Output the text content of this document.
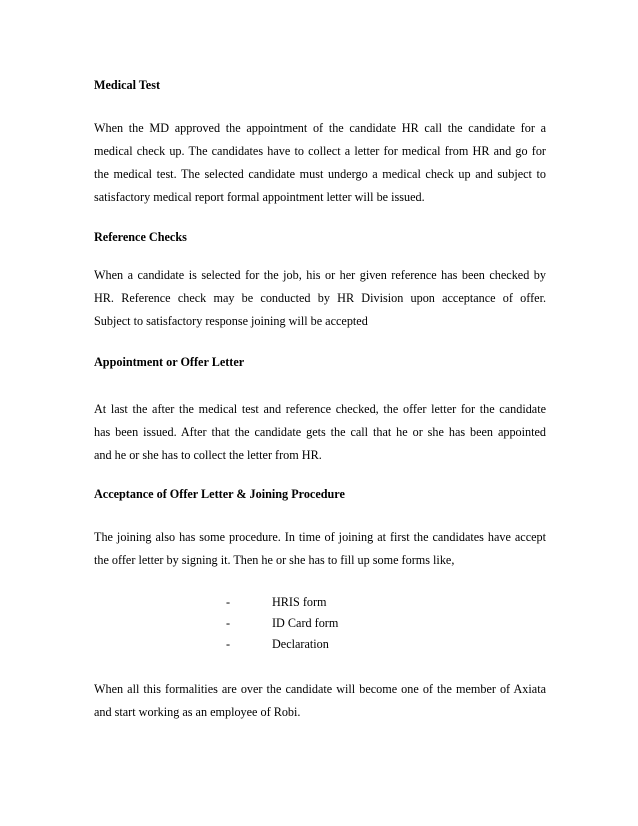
Medical Test
When the MD approved the appointment of the candidate HR call the candidate for a
medical check up. The candidates have to collect a letter for medical from HR and go for
the medical test. The selected candidate must undergo a medical check up and subject to
satisfactory medical report formal appointment letter will be issued.
Reference Checks
When a candidate is selected for the job, his or her given reference has been checked by
HR. Reference check may be conducted by HR Division upon acceptance of offer.
Subject to satisfactory response joining will be accepted
Appointment or Offer Letter
At last the after the medical test and reference checked, the offer letter for the candidate
has been issued. After that the candidate gets the call that he or she has been appointed
and he or she has to collect the letter from HR.
Acceptance of Offer Letter & Joining Procedure
The joining also has some procedure. In time of joining at first the candidates have accept
the offer letter by signing it. Then he or she has to fill up some forms like,
-	HRIS form
-	ID Card form
-	Declaration
When all this formalities are over the candidate will become one of the member of Axiata
and start working as an employee of Robi.
